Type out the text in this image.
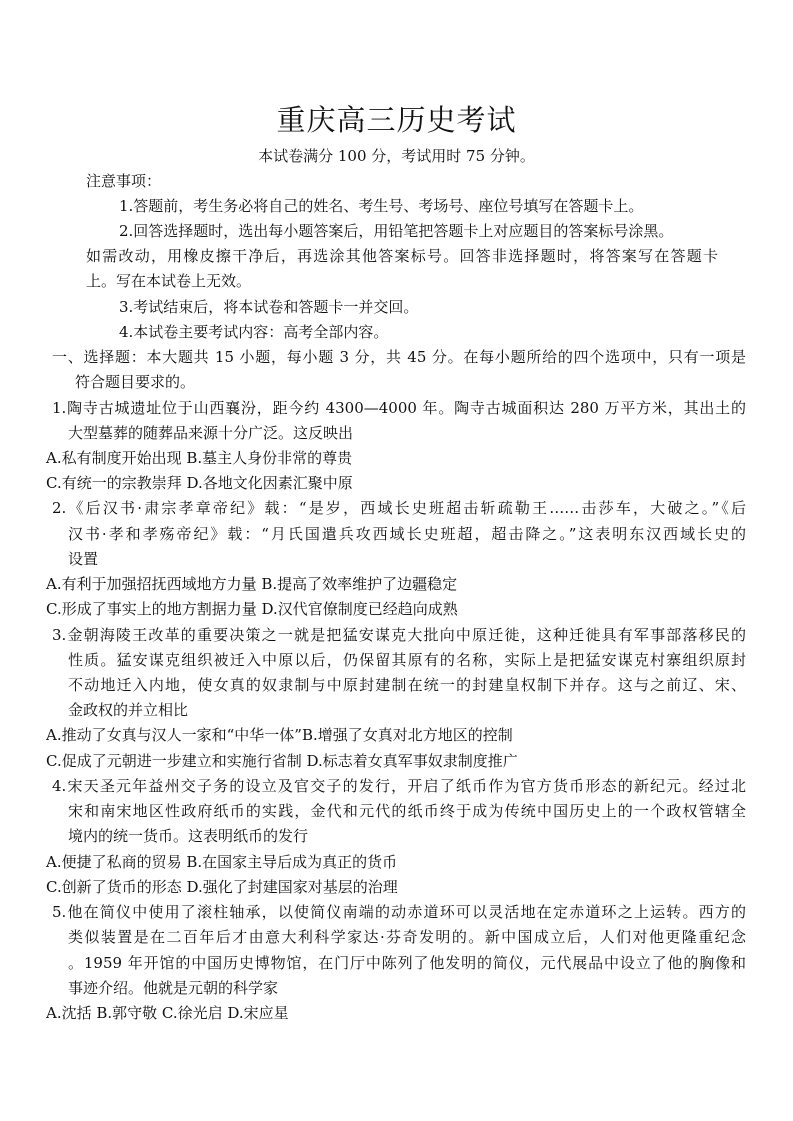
重庆高三历史考试
本试卷满分 100 分，考试用时 75 分钟。
注意事项：
1.答题前，考生务必将自己的姓名、考生号、考场号、座位号填写在答题卡上。
2.回答选择题时，选出每小题答案后，用铅笔把答题卡上对应题目的答案标号涂黑。
如需改动，用橡皮擦干净后，再选涂其他答案标号。回答非选择题时，将答案写在答题卡
上。写在本试卷上无效。
3.考试结束后，将本试卷和答题卡一并交回。
4.本试卷主要考试内容：高考全部内容。
一、选择题：本大题共 15 小题，每小题 3 分，共 45 分。在每小题所给的四个选项中，只有一项是
符合题目要求的。
1.陶寺古城遗址位于山西襄汾，距今约 4300—4000 年。陶寺古城面积达 280 万平方米，其出土的
大型墓葬的随葬品来源十分广泛。这反映出
A.私有制度开始出现 B.墓主人身份非常的尊贵
C.有统一的宗教崇拜 D.各地文化因素汇聚中原
2.《后汉书·肃宗孝章帝纪》载：“是岁，西域长史班超击斩疏勒王……击莎车，大破之。”《后
汉书·孝和孝殇帝纪》载：“月氏国遣兵攻西域长史班超，超击降之。”这表明东汉西域长史的
设置
A.有利于加强招抚西域地方力量 B.提高了效率维护了边疆稳定
C.形成了事实上的地方割据力量 D.汉代官僚制度已经趋向成熟
3.金朝海陵王改革的重要决策之一就是把猛安谋克大批向中原迁徙，这种迁徙具有军事部落移民的
性质。猛安谋克组织被迁入中原以后，仍保留其原有的名称，实际上是把猛安谋克村寨组织原封
不动地迁入内地，使女真的奴隶制与中原封建制在统一的封建皇权制下并存。这与之前辽、宋、
金政权的并立相比
A.推动了女真与汉人一家和“中华一体”B.增强了女真对北方地区的控制
C.促成了元朝进一步建立和实施行省制 D.标志着女真军事奴隶制度推广
4.宋天圣元年益州交子务的设立及官交子的发行，开启了纸币作为官方货币形态的新纪元。经过北
宋和南宋地区性政府纸币的实践，金代和元代的纸币终于成为传统中国历史上的一个政权管辖全
境内的统一货币。这表明纸币的发行
A.便捷了私商的贸易 B.在国家主导后成为真正的货币
C.创新了货币的形态 D.强化了封建国家对基层的治理
5.他在简仪中使用了滚柱轴承，以使简仪南端的动赤道环可以灵活地在定赤道环之上运转。西方的
类似装置是在二百年后才由意大利科学家达·芬奇发明的。新中国成立后，人们对他更隆重纪念
。1959 年开馆的中国历史博物馆，在门厅中陈列了他发明的简仪，元代展品中设立了他的胸像和
事迹介绍。他就是元朝的科学家
A.沈括 B.郭守敬 C.徐光启 D.宋应星
